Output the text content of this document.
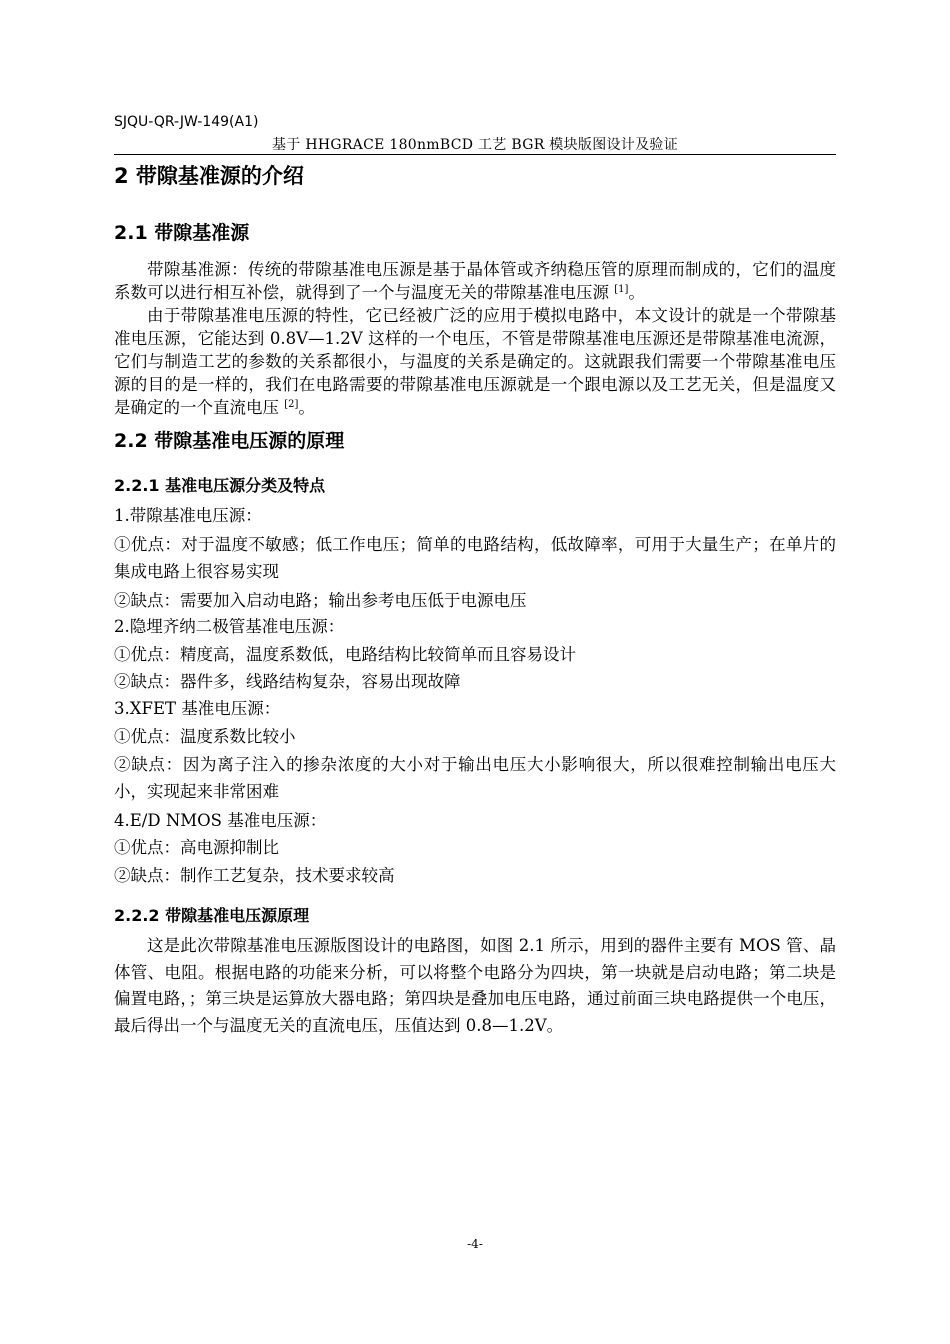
SJQU-QR-JW-149(A1)
基于 HHGRACE 180nmBCD 工艺 BGR 模块版图设计及验证
2 带隙基准源的介绍
2.1 带隙基准源

带隙基准源：传统的带隙基准电压源是基于晶体管或齐纳稳压管的原理而制成的，它们的温度系数可以进行相互补偿，就得到了一个与温度无关的带隙基准电压源 [1]。

由于带隙基准电压源的特性，它已经被广泛的应用于模拟电路中，本文设计的就是一个带隙基准电压源，它能达到 0.8V—1.2V 这样的一个电压，不管是带隙基准电压源还是带隙基准电流源，它们与制造工艺的参数的关系都很小，与温度的关系是确定的。这就跟我们需要一个带隙基准电压源的目的是一样的，我们在电路需要的带隙基准电压源就是一个跟电源以及工艺无关，但是温度又是确定的一个直流电压 [2]。

2.2 带隙基准电压源的原理
2.2.1 基准电压源分类及特点

1.带隙基准电压源：

①优点：对于温度不敏感；低工作电压；简单的电路结构，低故障率，可用于大量生产；在单片的集成电路上很容易实现

②缺点：需要加入启动电路；输出参考电压低于电源电压

2.隐埋齐纳二极管基准电压源：

①优点：精度高，温度系数低，电路结构比较简单而且容易设计

②缺点：器件多，线路结构复杂，容易出现故障

3.XFET 基准电压源：

①优点：温度系数比较小

②缺点：因为离子注入的掺杂浓度的大小对于输出电压大小影响很大，所以很难控制输出电压大小，实现起来非常困难

4.E/D NMOS 基准电压源：

①优点：高电源抑制比

②缺点：制作工艺复杂，技术要求较高

2.2.2 带隙基准电压源原理

这是此次带隙基准电压源版图设计的电路图，如图 2.1 所示，用到的器件主要有 MOS 管、晶体管、电阻。根据电路的功能来分析，可以将整个电路分为四块，第一块就是启动电路；第二块是偏置电路，；第三块是运算放大器电路；第四块是叠加电压电路，通过前面三块电路提供一个电压，最后得出一个与温度无关的直流电压，压值达到 0.8—1.2V。

-4-
